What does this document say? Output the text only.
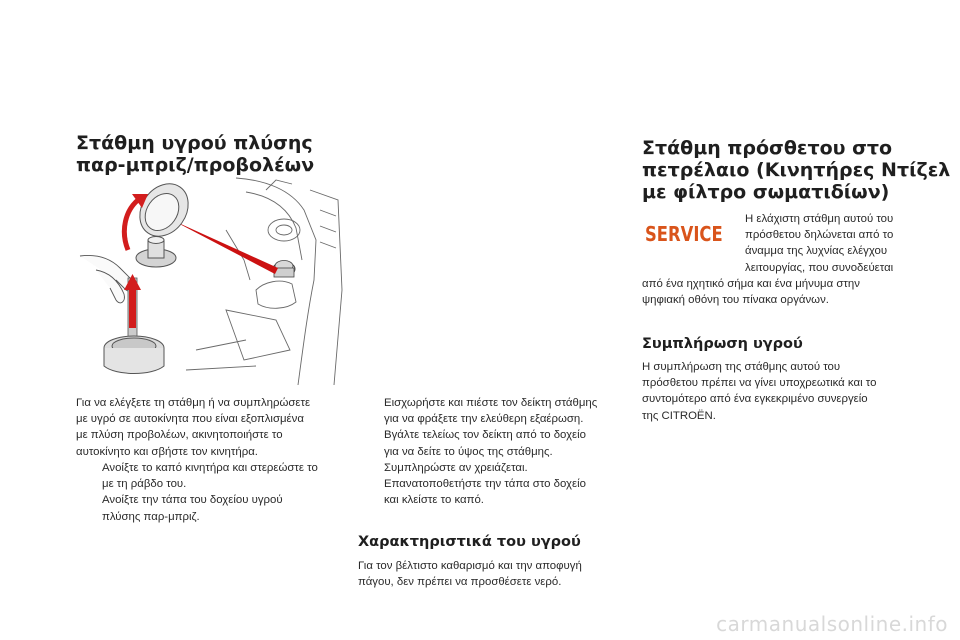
Στάθμη υγρού πλύσης
παρ-μπριζ/προβολέων
Για να ελέγξετε τη στάθμη ή να συμπληρώσετε
με υγρό σε αυτοκίνητα που είναι εξοπλισμένα
με πλύση προβολέων, ακινητοποιήστε το
αυτοκίνητο και σβήστε τον κινητήρα.
Ανοίξτε το καπό κινητήρα και στερεώστε το
με τη ράβδο του.
Ανοίξτε την τάπα του δοχείου υγρού
πλύσης παρ-μπριζ.
Εισχωρήστε και πιέστε τον δείκτη στάθμης
για να φράξετε την ελεύθερη εξαέρωση.
Βγάλτε τελείως τον δείκτη από το δοχείο
για να δείτε το ύψος της στάθμης.
Συμπληρώστε αν χρειάζεται.
Επανατοποθετήστε την τάπα στο δοχείο
και κλείστε το καπό.
Χαρακτηριστικά του υγρού
Για τον βέλτιστο καθαρισμό και την αποφυγή
πάγου, δεν πρέπει να προσθέσετε νερό.
Στάθμη πρόσθετου στο
πετρέλαιο (Κινητήρες Ντίζελ
με φίλτρο σωματιδίων)
SERVICE
Η ελάχιστη στάθμη αυτού του
πρόσθετου δηλώνεται από το
άναμμα της λυχνίας ελέγχου
λειτουργίας, που συνοδεύεται
από ένα ηχητικό σήμα και ένα μήνυμα στην
ψηφιακή οθόνη του πίνακα οργάνων.
Συμπλήρωση υγρού
Η συμπλήρωση της στάθμης αυτού του
πρόσθετου πρέπει να γίνει υποχρεωτικά και το
συντομότερο από ένα εγκεκριμένο συνεργείο
της CITROËN.
carmanualsonline.info
